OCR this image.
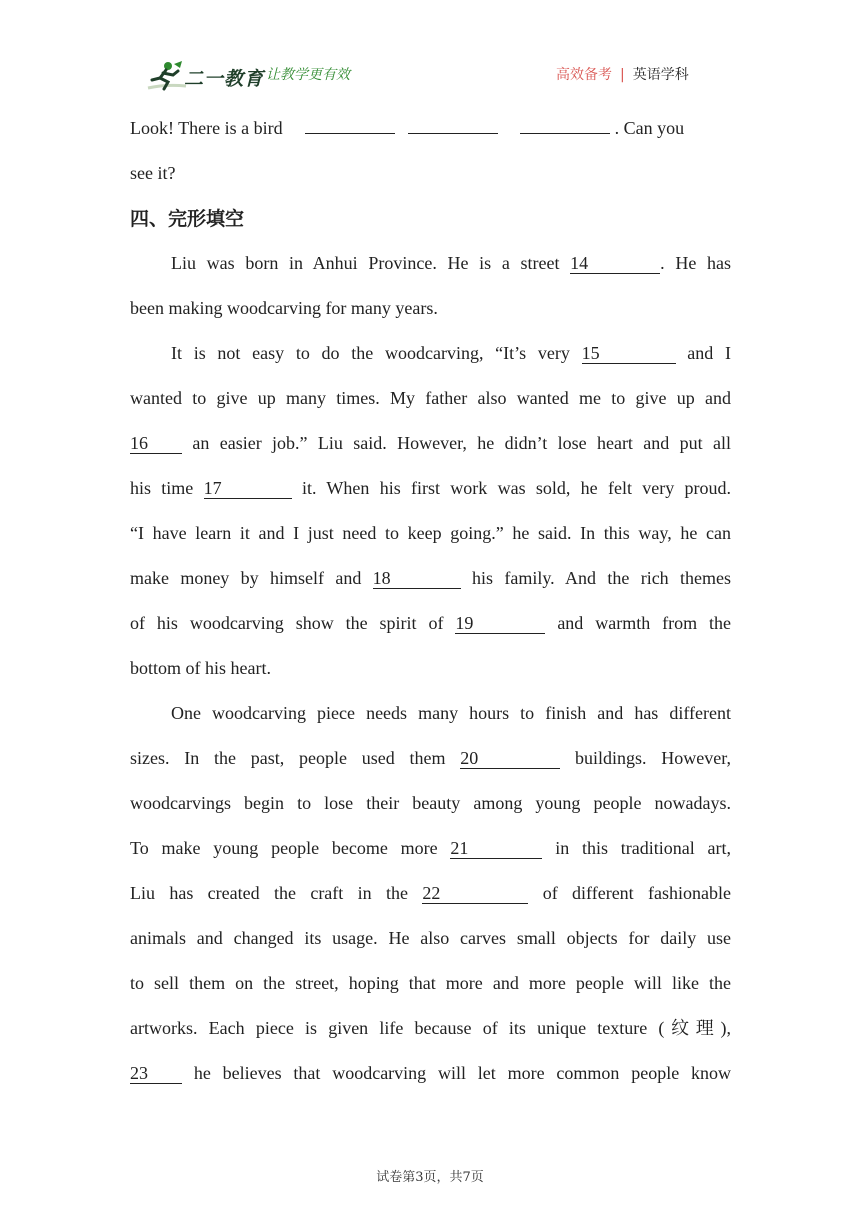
二一教育 让教学更有效	高效备考 | 英语学科
Look! There is a bird	. Can you
see it?
四、完形填空
Liu was born in Anhui Province. He is a street 14	. He has
been making woodcarving for many years.
It is not easy to do the woodcarving, “It’s very 15	and I
wanted to give up many times. My father also wanted me to give up and
16 an easier job.” Liu said. However, he didn’t lose heart and put all
his time 17	it. When his first work was sold, he felt very proud.
“I have learn it and I just need to keep going.” he said. In this way, he can
make money by himself and 18	his family. And the rich themes
of his woodcarving show the spirit of 19	and warmth from the
bottom of his heart.
One woodcarving piece needs many hours to finish and has different
sizes. In the past, people used them 20	buildings. However,
woodcarvings begin to lose their beauty among young people nowadays.
To make young people become more 21	in this traditional art,
Liu has created the craft in the 22	of different fashionable
animals and changed its usage. He also carves small objects for daily use
to sell them on the street, hoping that more and more people will like the
artworks. Each piece is given life because of its unique texture (纹理),
23	he believes that woodcarving will let more common people know
试卷第3页，共7页
